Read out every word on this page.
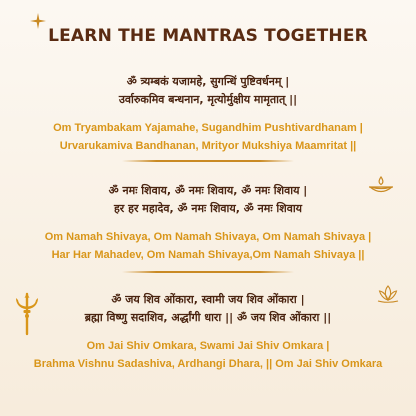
LEARN THE MANTRAS TOGETHER
ॐ त्र्यम्बकं यजामहे, सुगन्धिं पुष्टिवर्धनम् |
उर्वारुकमिव बन्धनान, मृत्योर्मुक्षीय मामृतात् ||
Om Tryambakam Yajamahe, Sugandhim Pushtivardhanam |
Urvarukamiva Bandhanan, Mrityor Mukshiya Maamritat ||
ॐ नमः शिवाय, ॐ नमः शिवाय, ॐ नमः शिवाय |
हर हर महादेव, ॐ नमः शिवाय, ॐ नमः शिवाय
Om Namah Shivaya, Om Namah Shivaya, Om Namah Shivaya |
Har Har Mahadev, Om Namah Shivaya,Om Namah Shivaya ||
ॐ जय शिव ओंकारा, स्वामी जय शिव ओंकारा |
ब्रह्मा विष्णु सदाशिव, अर्द्धांगी धारा || ॐ जय शिव ओंकारा ||
Om Jai Shiv Omkara, Swami Jai Shiv Omkara |
Brahma Vishnu Sadashiva, Ardhangi Dhara, || Om Jai Shiv Omkara
